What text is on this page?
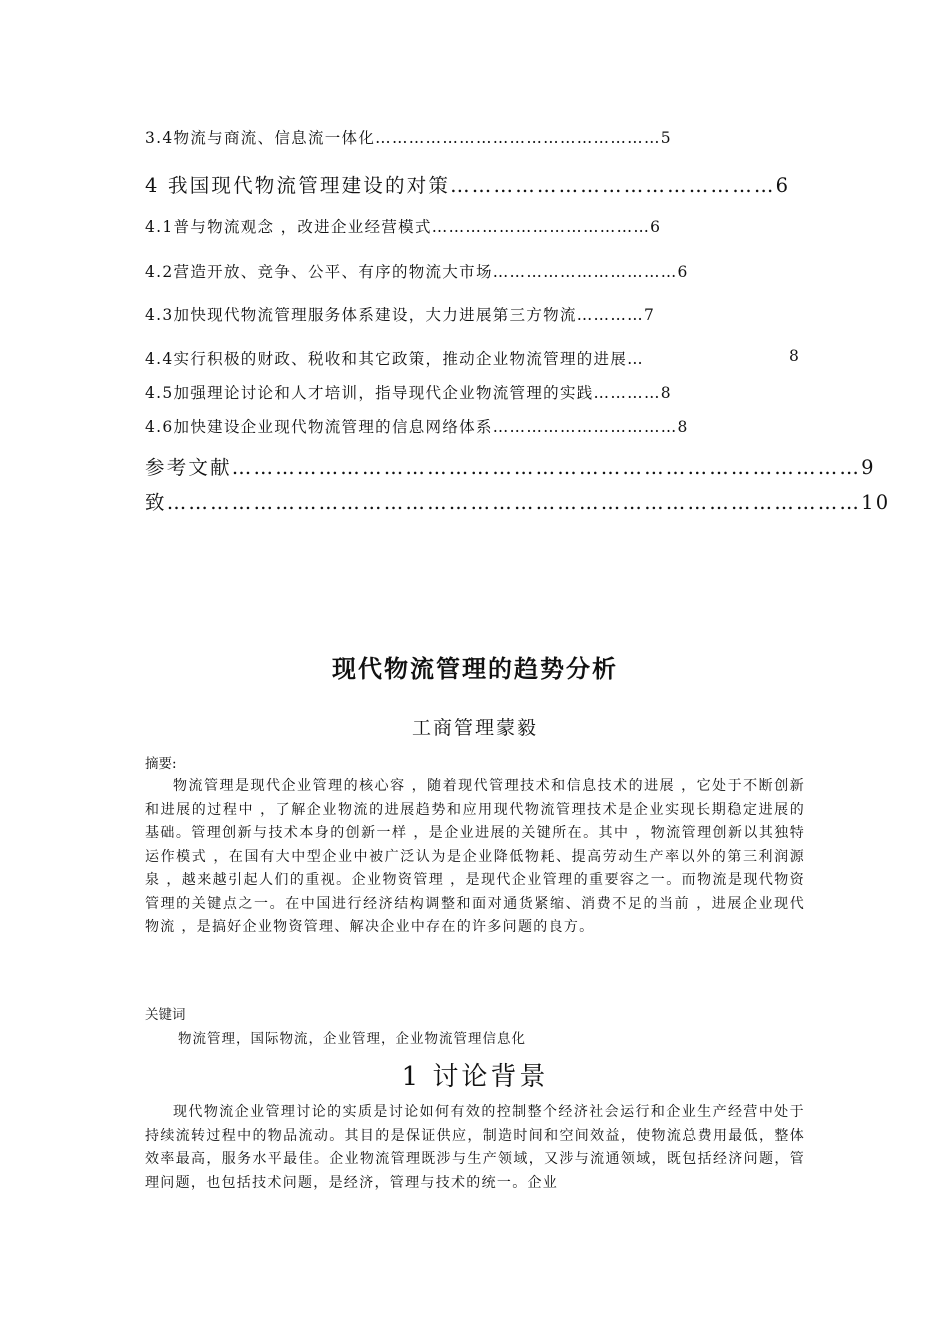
3.4物流与商流、信息流一体化……………………………………………5
4 我国现代物流管理建设的对策………………………………………6
4.1普与物流观念 ，改进企业经营模式…………………………………6
4.2营造开放、竞争、公平、有序的物流大市场……………………………6
4.3加快现代物流管理服务体系建设，大力进展第三方物流…………7
4.4实行积极的财政、税收和其它政策，推动企业物流管理的进展…	8
4.5加强理论讨论和人才培训，指导现代企业物流管理的实践…………8
4.6加快建设企业现代物流管理的信息网络体系……………………………8
参考文献……………………………………………………………………………9
致……………………………………………………………………………………10
现代物流管理的趋势分析
工商管理蒙毅
摘要:

物流管理是现代企业管理的核心容 ，随着现代管理技术和信息技术的进展 ，它处于不断创新和进展的过程中 ，了解企业物流的进展趋势和应用现代物流管理技术是企业实现长期稳定进展的基础。管理创新与技术本身的创新一样 ，是企业进展的关键所在。其中 ，物流管理创新以其独特运作模式 ，在国有大中型企业中被广泛认为是企业降低物耗、提高劳动生产率以外的第三利润源泉 ，越来越引起人们的重视。企业物资管理 ，是现代企业管理的重要容之一。而物流是现代物资管理的关键点之一。在中国进行经济结构调整和面对通货紧缩、消费不足的当前 ，进展企业现代物流 ，是搞好企业物资管理、解决企业中存在的许多问题的良方。

关键词
物流管理，国际物流，企业管理，企业物流管理信息化
1 讨论背景

现代物流企业管理讨论的实质是讨论如何有效的控制整个经济社会运行和企业生产经营中处于持续流转过程中的物品流动。其目的是保证供应，制造时间和空间效益，使物流总费用最低，整体效率最高，服务水平最佳。企业物流管理既涉与生产领域，又涉与流通领域，既包括经济问题，管理问题，也包括技术问题，是经济，管理与技术的统一。企业
